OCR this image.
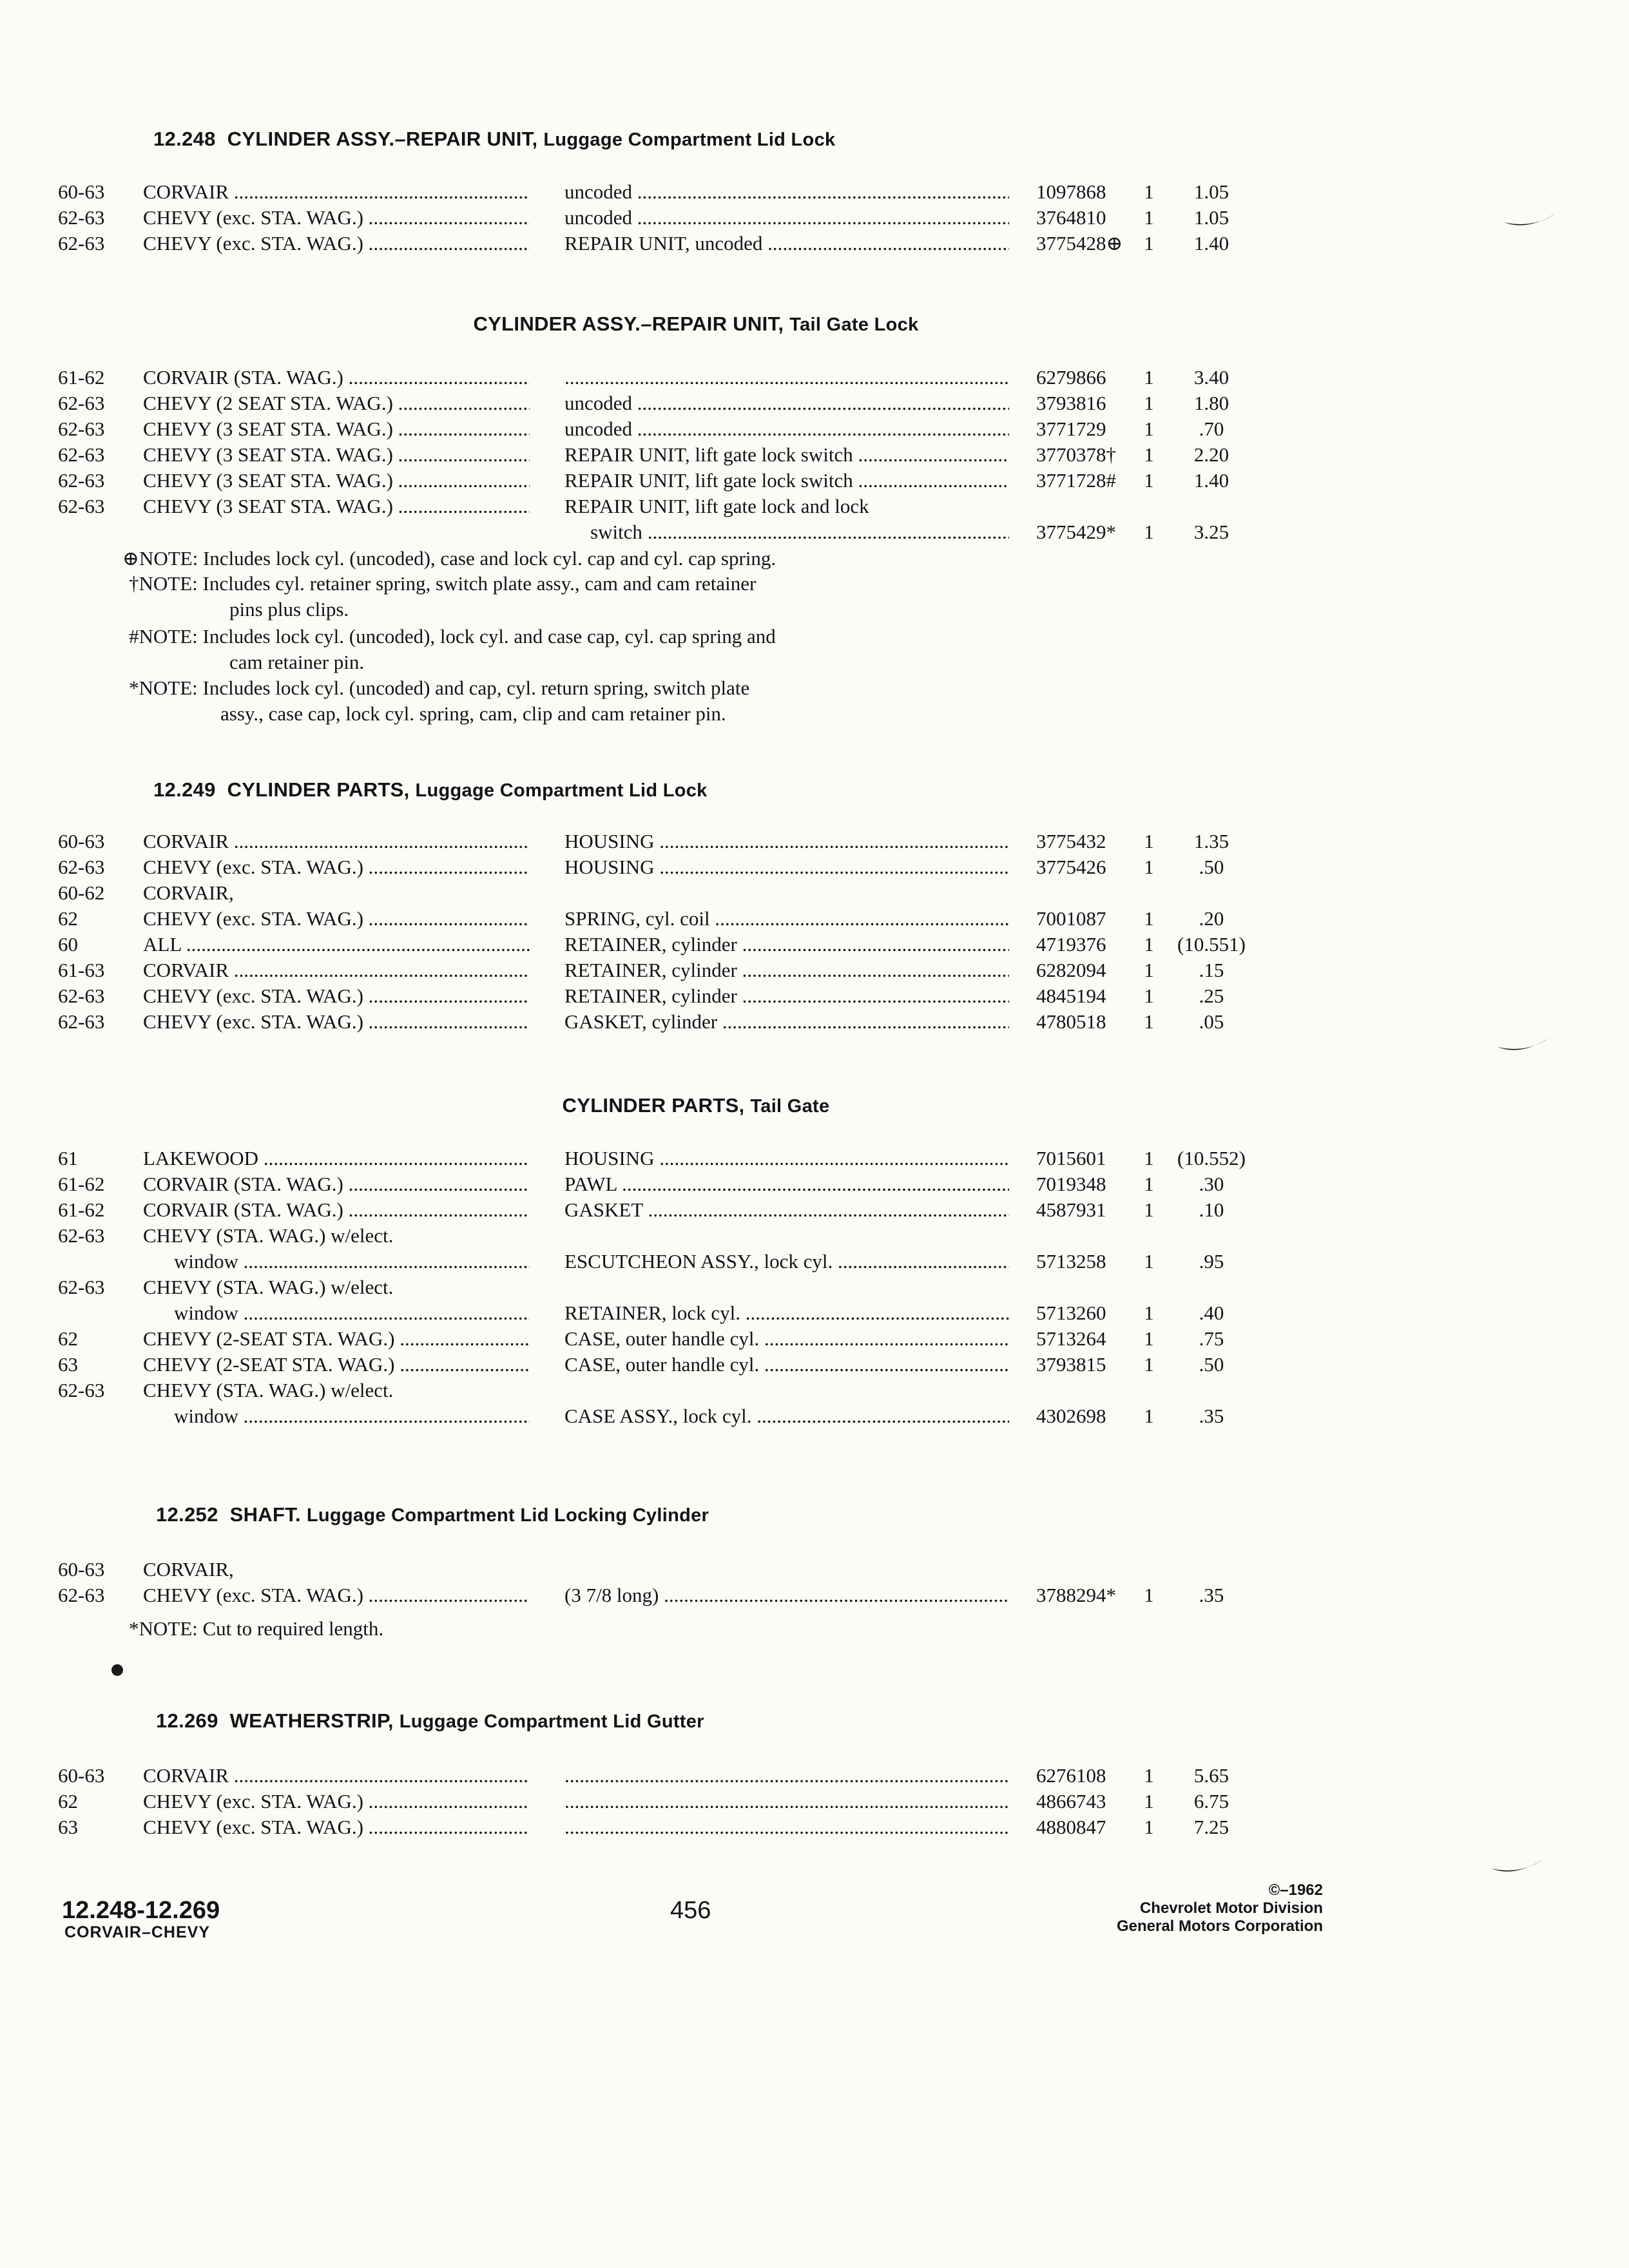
12.248 CYLINDER ASSY.–REPAIR UNIT, Luggage Compartment Lid Lock
60-63	CORVAIR .....	uncoded .....	1097868	1	1.05
62-63	CHEVY (exc. STA. WAG.) .....	uncoded .....	3764810	1	1.05
62-63	CHEVY (exc. STA. WAG.) .....	REPAIR UNIT, uncoded .....	3775428⊕	1	1.40
CYLINDER ASSY.–REPAIR UNIT, Tail Gate Lock
61-62	CORVAIR (STA. WAG.) ..... .....	6279866	1	3.40
62-63	CHEVY (2 SEAT STA. WAG.) .....	uncoded .....	3793816	1	1.80
62-63	CHEVY (3 SEAT STA. WAG.) .....	uncoded .....	3771729	1	.70
62-63	CHEVY (3 SEAT STA. WAG.) .....	REPAIR UNIT, lift gate lock switch .....	3770378†	1	2.20
62-63	CHEVY (3 SEAT STA. WAG.) .....	REPAIR UNIT, lift gate lock switch .....	3771728#	1	1.40
62-63	CHEVY (3 SEAT STA. WAG.) .....	REPAIR UNIT, lift gate lock and lock
switch .....	3775429*	1	3.25
⊕NOTE: Includes lock cyl. (uncoded), case and lock cyl. cap and cyl. cap spring.
†NOTE: Includes cyl. retainer spring, switch plate assy., cam and cam retainer
pins plus clips.
#NOTE: Includes lock cyl. (uncoded), lock cyl. and case cap, cyl. cap spring and
cam retainer pin.
*NOTE: Includes lock cyl. (uncoded) and cap, cyl. return spring, switch plate
assy., case cap, lock cyl. spring, cam, clip and cam retainer pin.
12.249 CYLINDER PARTS, Luggage Compartment Lid Lock
60-63	CORVAIR .....	HOUSING .....	3775432	1	1.35
62-63	CHEVY (exc. STA. WAG.) .....	HOUSING .....	3775426	1	.50
60-62	CORVAIR,
62	CHEVY (exc. STA. WAG.) .....	SPRING, cyl. coil .....	7001087	1	.20
60	ALL .....	RETAINER, cylinder .....	4719376	1	(10.551)
61-63	CORVAIR .....	RETAINER, cylinder .....	6282094	1	.15
62-63	CHEVY (exc. STA. WAG.) .....	RETAINER, cylinder .....	4845194	1	.25
62-63	CHEVY (exc. STA. WAG.) .....	GASKET, cylinder .....	4780518	1	.05
CYLINDER PARTS, Tail Gate
61	LAKEWOOD .....	HOUSING .....	7015601	1	(10.552)
61-62	CORVAIR (STA. WAG.) .....	PAWL .....	7019348	1	.30
61-62	CORVAIR (STA. WAG.) .....	GASKET .....	4587931	1	.10
62-63	CHEVY (STA. WAG.) w/elect.
window .....	ESCUTCHEON ASSY., lock cyl. .....	5713258	1	.95
62-63	CHEVY (STA. WAG.) w/elect.
window .....	RETAINER, lock cyl. .....	5713260	1	.40
62	CHEVY (2-SEAT STA. WAG.) .....	CASE, outer handle cyl. .....	5713264	1	.75
63	CHEVY (2-SEAT STA. WAG.) .....	CASE, outer handle cyl. .....	3793815	1	.50
62-63	CHEVY (STA. WAG.) w/elect.
window .....	CASE ASSY., lock cyl. .....	4302698	1	.35
12.252 SHAFT. Luggage Compartment Lid Locking Cylinder
60-63	CORVAIR,
62-63	CHEVY (exc. STA. WAG.) .....	(3 7/8 long) .....	3788294*	1	.35
*NOTE: Cut to required length.
12.269 WEATHERSTRIP, Luggage Compartment Lid Gutter
60-63	CORVAIR ..... .....	6276108	1	5.65
62	CHEVY (exc. STA. WAG.) ..... .....	4866743	1	6.75
63	CHEVY (exc. STA. WAG.) ..... .....	4880847	1	7.25
12.248-12.269
CORVAIR–CHEVY
456
©–1962
Chevrolet Motor Division
General Motors Corporation
